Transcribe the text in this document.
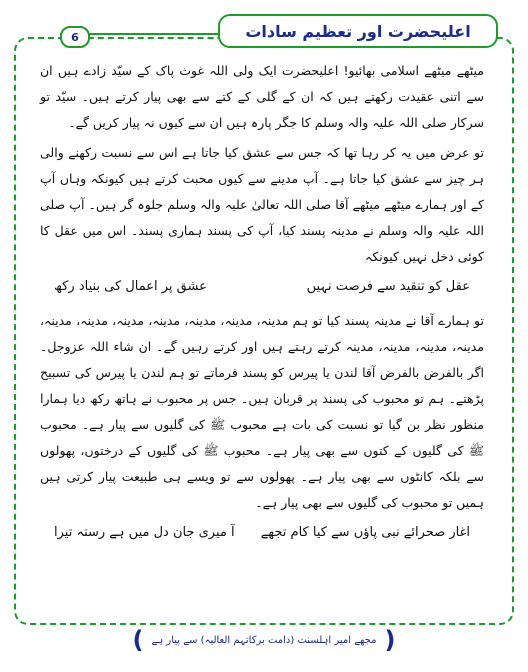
اعلیحضرت اور تعظیم سادات
6

میٹھے میٹھے اسلامی بھائیو! اعلیحضرت ایک ولی اللہ غوث پاک کے سیّد زادے ہیں ان سے اتنی عقیدت رکھتے ہیں کہ ان کے گلی کے کتے سے بھی پیار کرتے ہیں۔ سیّد تو سرکار صلی اللہ علیہ والہ وسلم کا جگر پارہ ہیں ان سے کیوں نہ پیار کریں گے۔

تو عرض میں یہ کر رہا تھا کہ جس سے عشق کیا جاتا ہے اس سے نسبت رکھنے والی ہر چیز سے عشق کیا جاتا ہے۔ آپ مدینے سے کیوں محبت کرتے ہیں کیونکہ وہاں آپ کے اور ہمارے میٹھے میٹھے آقا صلی اللہ تعالیٰ علیہ والہ وسلم جلوہ گر ہیں۔ آپ صلی اللہ علیہ والہ وسلم نے مدینہ پسند کیا، آپ کی پسند ہماری پسند۔ اس میں عقل کا کوئی دخل نہیں کیونکہ

عقل کو تنقید سے فرصت نہیں
عشق پر اعمال کی بنیاد رکھ

تو ہمارے آقا نے مدینہ پسند کیا تو ہم مدینہ، مدینہ، مدینہ، مدینہ، مدینہ، مدینہ، مدینہ، مدینہ، مدینہ، مدینہ، مدینہ کرتے رہتے ہیں اور کرتے رہیں گے۔ ان شاء اللہ عزوجل۔ اگر بالفرض بالفرض آقا لندن یا پیرس کو پسند فرماتے تو ہم لندن یا پیرس کی تسبیح پڑھتے۔ ہم تو محبوب کی پسند پر قربان ہیں۔ جس پر محبوب نے ہاتھ رکھ دیا ہمارا منظور نظر بن گیا تو نسبت کی بات ہے محبوب ﷺ کی گلیوں سے پیار ہے۔ محبوب ﷺ کی گلیوں کے کتوں سے بھی پیار ہے۔ محبوب ﷺ کی گلیوں کے درختوں، پھولوں سے بلکہ کانٹوں سے بھی پیار ہے۔ پھولوں سے تو ویسے ہی طبیعت پیار کرتی ہیں ہمیں تو محبوب کی گلیوں سے بھی پیار ہے۔

اغار صحرائے نبی پاؤں سے کیا کام تجھے
آ میری جان دل میں ہے رستہ تیرا
( مجھے امیر اہلسنت (دامت برکاتہم العالیہ) سے پیار ہے )
